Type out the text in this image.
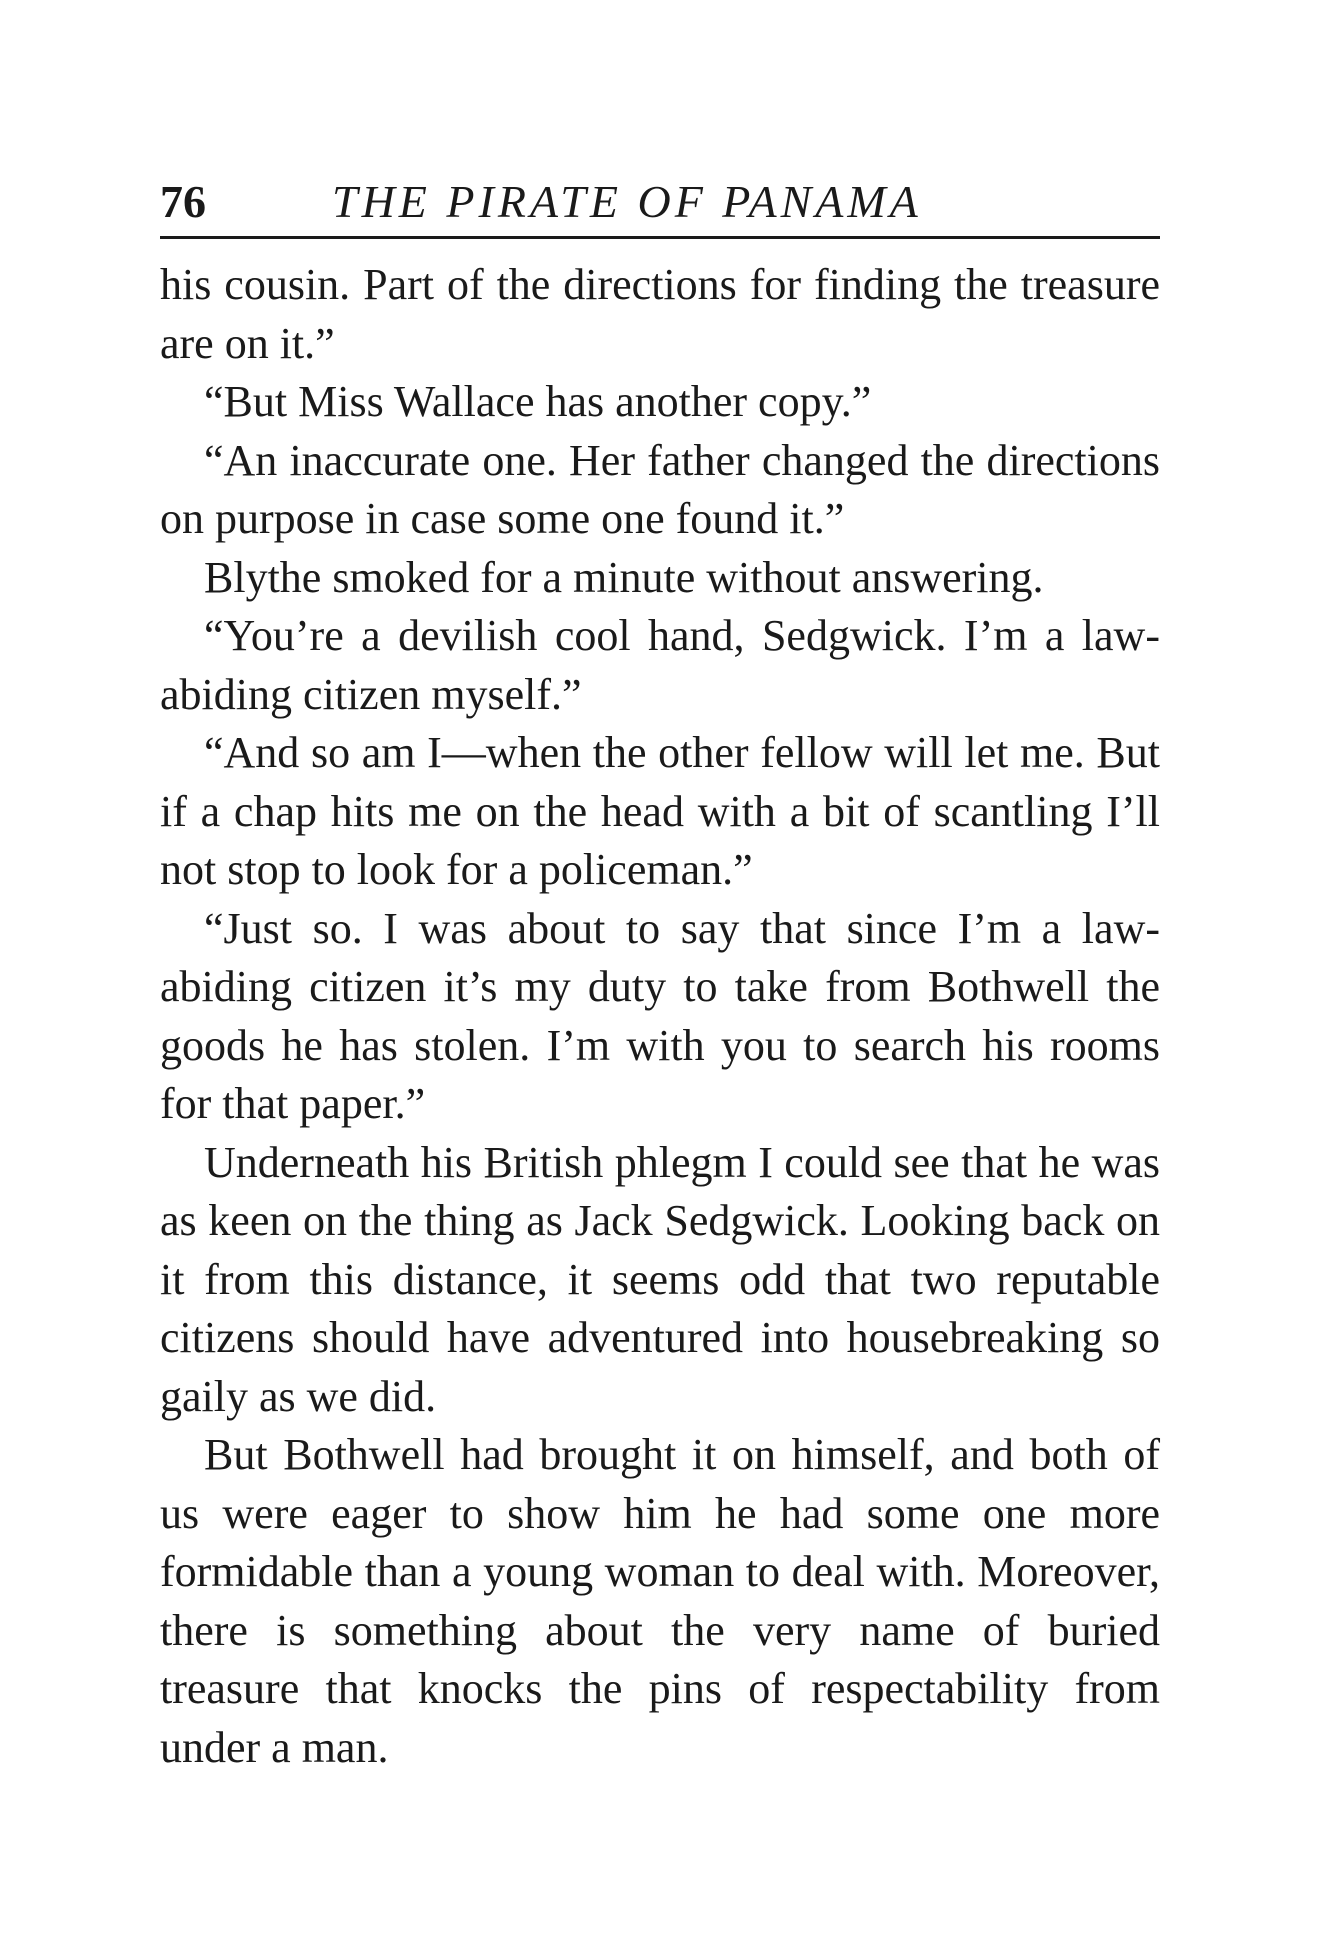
76	THE PIRATE OF PANAMA

his cousin. Part of the directions for finding the treasure are on it.”

“But Miss Wallace has another copy.”

“An inaccurate one. Her father changed the directions on purpose in case some one found it.”

Blythe smoked for a minute without answering.

“You’re a devilish cool hand, Sedgwick. I’m a law-abiding citizen myself.”

“And so am I—when the other fellow will let me. But if a chap hits me on the head with a bit of scantling I’ll not stop to look for a policeman.”

“Just so. I was about to say that since I’m a law-abiding citizen it’s my duty to take from Bothwell the goods he has stolen. I’m with you to search his rooms for that paper.”

Underneath his British phlegm I could see that he was as keen on the thing as Jack Sedgwick. Looking back on it from this distance, it seems odd that two reputable citizens should have adventured into housebreaking so gaily as we did.

But Bothwell had brought it on himself, and both of us were eager to show him he had some one more formidable than a young woman to deal with. Moreover, there is something about the very name of buried treasure that knocks the pins of respectability from under a man.
